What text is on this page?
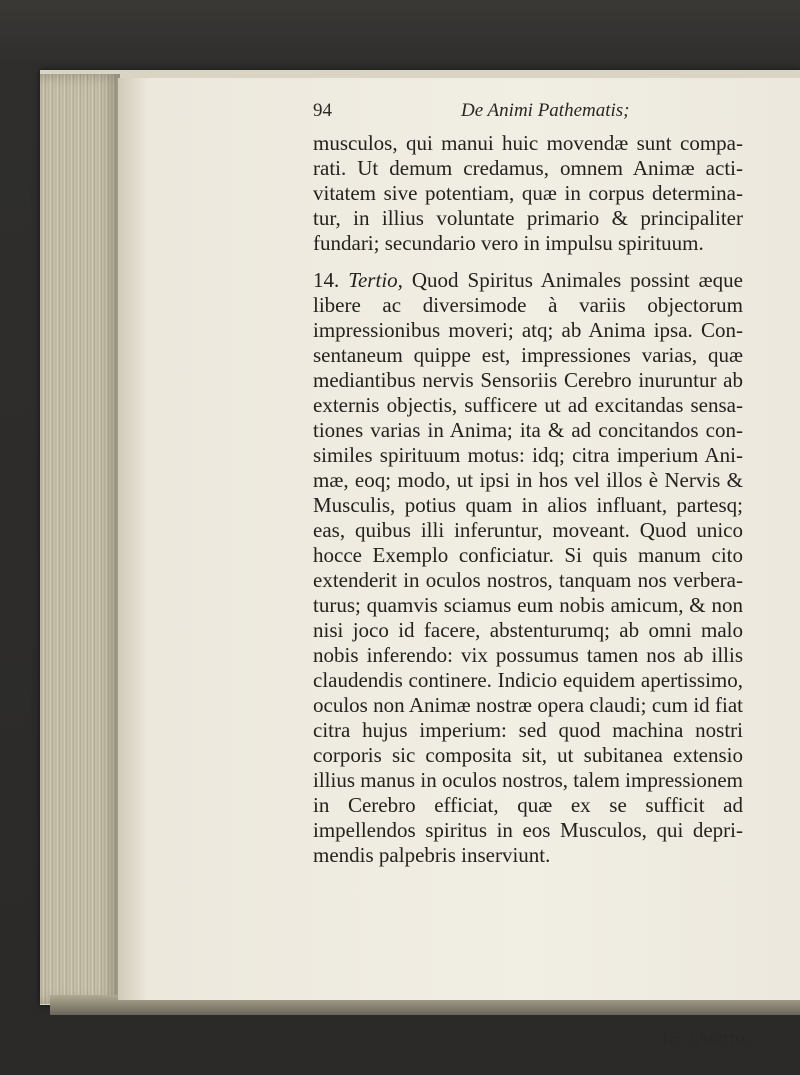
94	De Animi Pathematis;

musculos, qui manui huic movendæ sunt comparati. Ut demum credamus, omnem Animæ activitatem sive potentiam, quæ in corpus determinatur, in illius voluntate primario & principaliter fundari; secundario vero in impulsu spirituum.

14. Tertio, Quod Spiritus Animales possint æque libere ac diversimode à variis objectorum impressionibus moveri; atq; ab Anima ipsa. Consentaneum quippe est, impressiones varias, quæ mediantibus nervis Sensoriis Cerebro inuruntur ab externis objectis, sufficere ut ad excitandas sensationes varias in Anima; ita & ad concitandos consimiles spirituum motus: idq; citra imperium Animæ, eoq; modo, ut ipsi in hos vel illos è Nervis & Musculis, potius quam in alios influant, partesq; eas, quibus illi inferuntur, moveant. Quod unico hocce Exemplo conficiatur. Si quis manum cito extenderit in oculos nostros, tanquam nos verberaturus; quamvis sciamus eum nobis amicum, & non nisi joco id facere, abstenturumq; ab omni malo nobis inferendo: vix possumus tamen nos ab illis claudendis continere. Indicio equidem apertissimo, oculos non Animæ nostræ opera claudi; cum id fiat citra hujus imperium: sed quod machina nostri corporis sic composita sit, ut subitanea extensio illius manus in oculos nostros, talem impressionem in Cerebro efficiat, quæ ex se sufficit ad impellendos spiritus in eos Musculos, qui deprimendis palpebris inserviunt.

15. Quarto,
